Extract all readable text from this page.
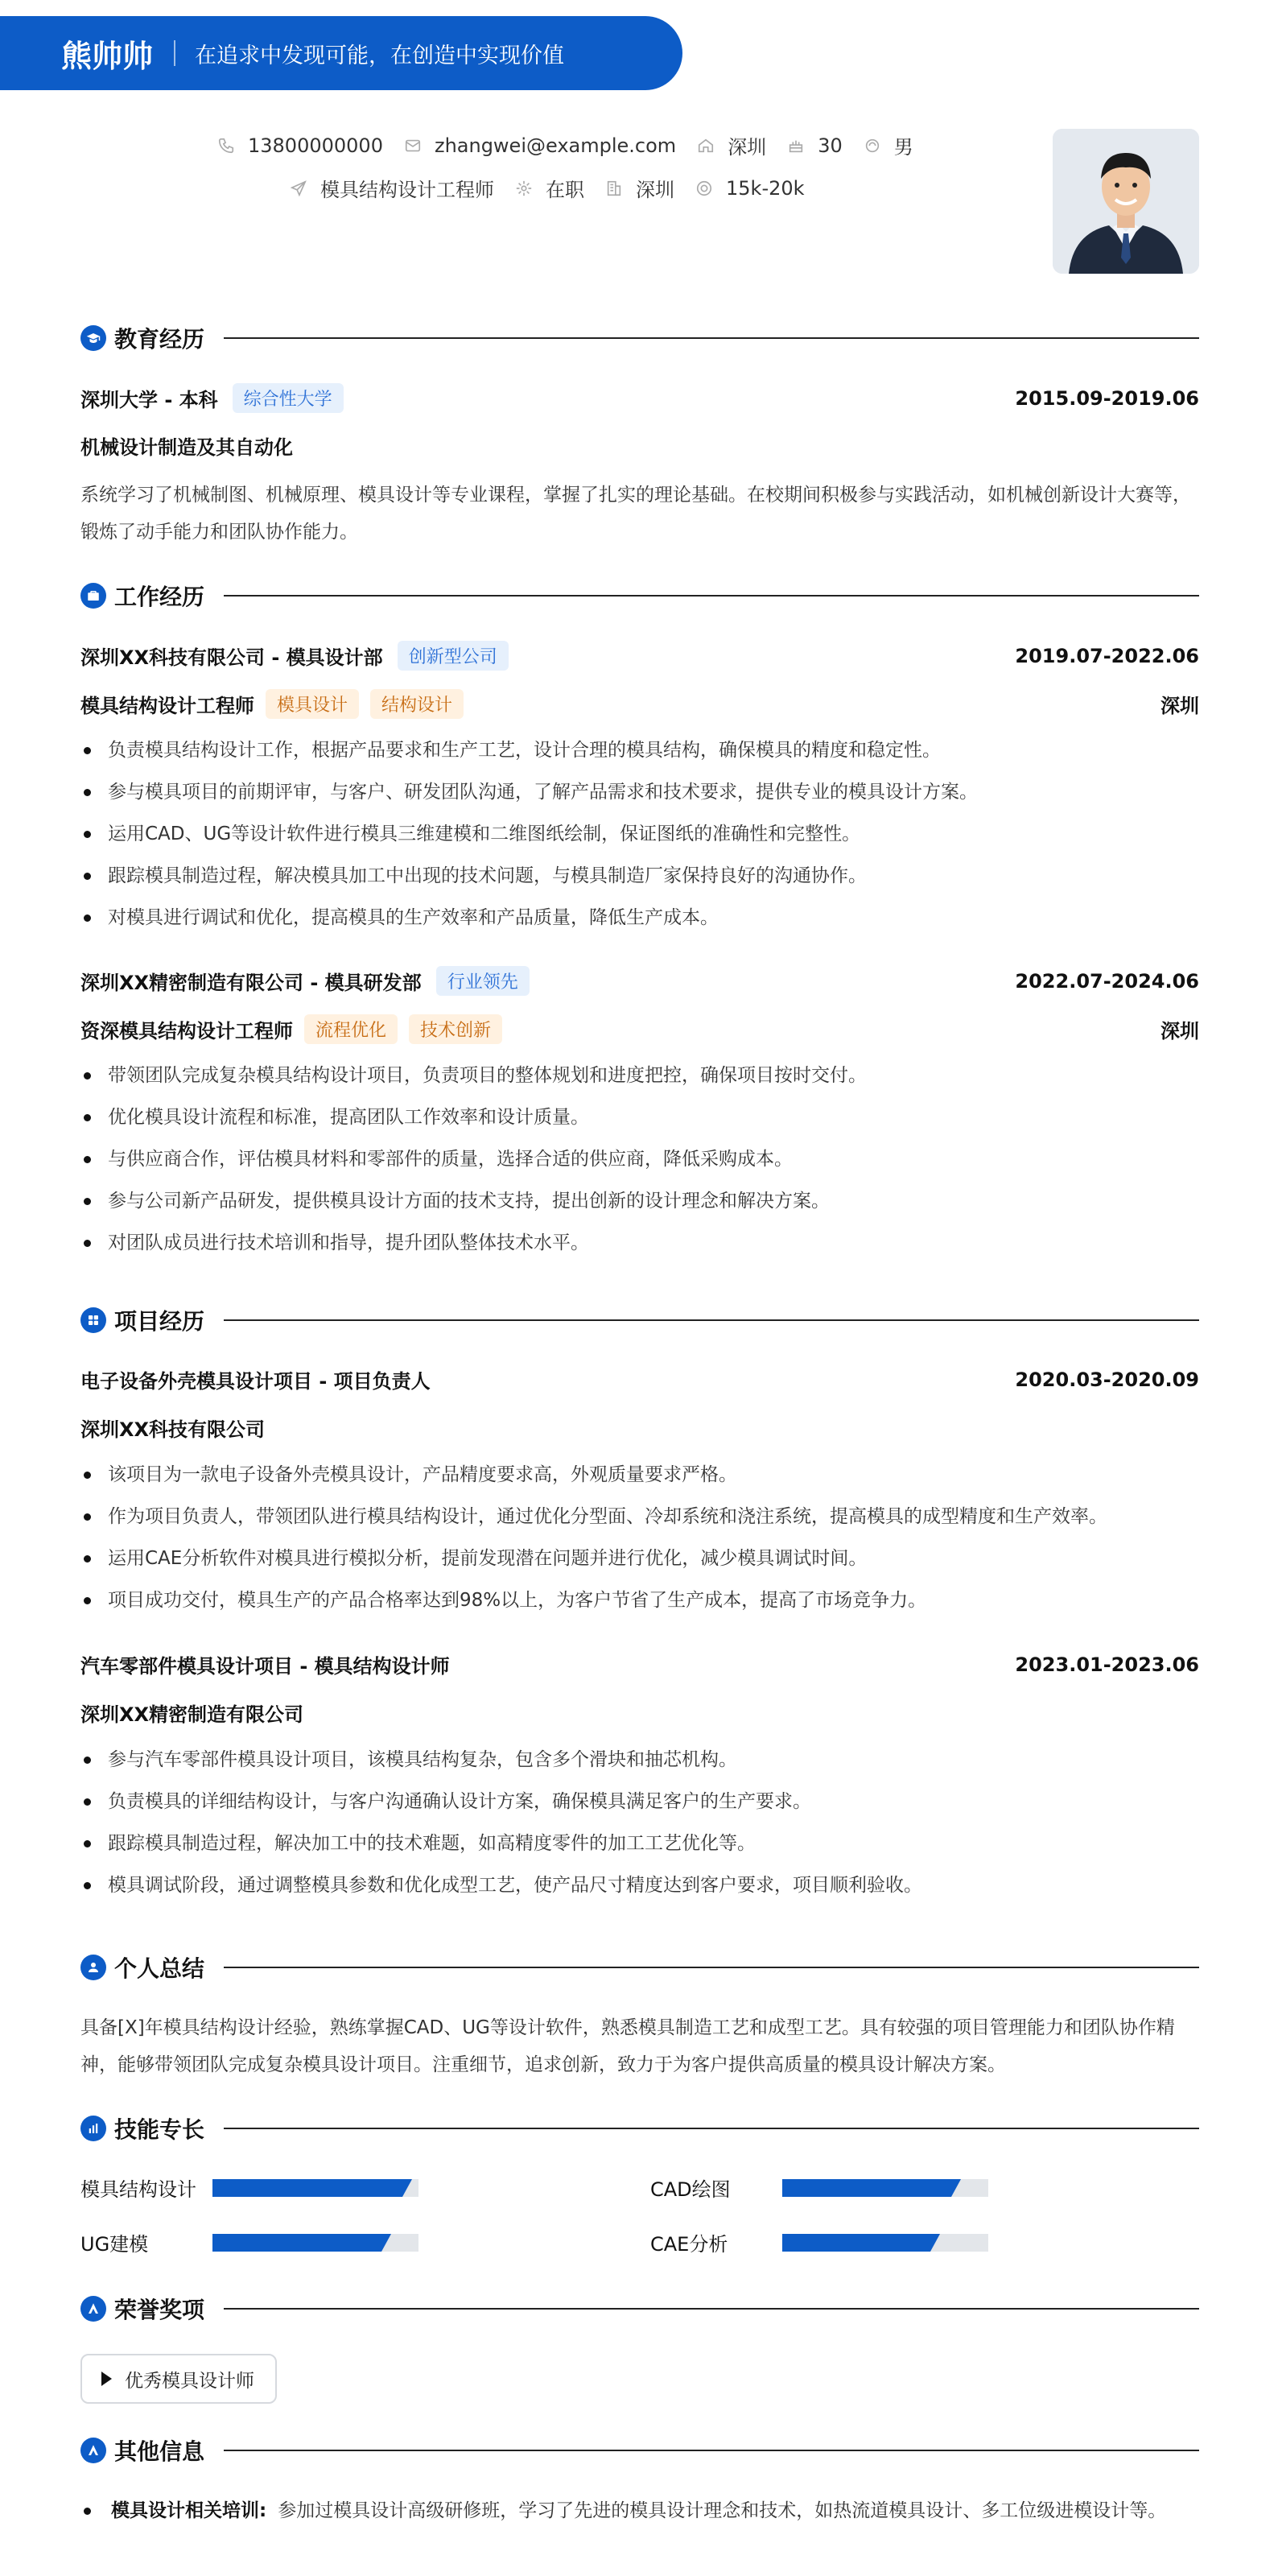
熊帅帅 在追求中发现可能，在创造中实现价值
13800000000	zhangwei@example.com	深圳	30	男
模具结构设计工程师	在职	深圳	15k-20k
教育经历
深圳大学 - 本科	综合性大学	2015.09-2019.06
机械设计制造及其自动化
系统学习了机械制图、机械原理、模具设计等专业课程，掌握了扎实的理论基础。在校期间积极参与实践活动，如机械创新设计大赛等，锻炼了动手能力和团队协作能力。
工作经历
深圳XX科技有限公司 - 模具设计部	创新型公司	2019.07-2022.06
模具结构设计工程师	模具设计	结构设计	深圳
负责模具结构设计工作，根据产品要求和生产工艺，设计合理的模具结构，确保模具的精度和稳定性。
参与模具项目的前期评审，与客户、研发团队沟通，了解产品需求和技术要求，提供专业的模具设计方案。
运用CAD、UG等设计软件进行模具三维建模和二维图纸绘制，保证图纸的准确性和完整性。
跟踪模具制造过程，解决模具加工中出现的技术问题，与模具制造厂家保持良好的沟通协作。
对模具进行调试和优化，提高模具的生产效率和产品质量，降低生产成本。
深圳XX精密制造有限公司 - 模具研发部	行业领先	2022.07-2024.06
资深模具结构设计工程师	流程优化	技术创新	深圳
带领团队完成复杂模具结构设计项目，负责项目的整体规划和进度把控，确保项目按时交付。
优化模具设计流程和标准，提高团队工作效率和设计质量。
与供应商合作，评估模具材料和零部件的质量，选择合适的供应商，降低采购成本。
参与公司新产品研发，提供模具设计方面的技术支持，提出创新的设计理念和解决方案。
对团队成员进行技术培训和指导，提升团队整体技术水平。
项目经历
电子设备外壳模具设计项目 - 项目负责人	2020.03-2020.09
深圳XX科技有限公司
该项目为一款电子设备外壳模具设计，产品精度要求高，外观质量要求严格。
作为项目负责人，带领团队进行模具结构设计，通过优化分型面、冷却系统和浇注系统，提高模具的成型精度和生产效率。
运用CAE分析软件对模具进行模拟分析，提前发现潜在问题并进行优化，减少模具调试时间。
项目成功交付，模具生产的产品合格率达到98%以上，为客户节省了生产成本，提高了市场竞争力。
汽车零部件模具设计项目 - 模具结构设计师	2023.01-2023.06
深圳XX精密制造有限公司
参与汽车零部件模具设计项目，该模具结构复杂，包含多个滑块和抽芯机构。
负责模具的详细结构设计，与客户沟通确认设计方案，确保模具满足客户的生产要求。
跟踪模具制造过程，解决加工中的技术难题，如高精度零件的加工工艺优化等。
模具调试阶段，通过调整模具参数和优化成型工艺，使产品尺寸精度达到客户要求，项目顺利验收。
个人总结
具备[X]年模具结构设计经验，熟练掌握CAD、UG等设计软件，熟悉模具制造工艺和成型工艺。具有较强的项目管理能力和团队协作精神，能够带领团队完成复杂模具设计项目。注重细节，追求创新，致力于为客户提供高质量的模具设计解决方案。
技能专长
模具结构设计	CAD绘图
UG建模	CAE分析
荣誉奖项
优秀模具设计师
其他信息
模具设计相关培训: 参加过模具设计高级研修班，学习了先进的模具设计理念和技术，如热流道模具设计、多工位级进模设计等。
